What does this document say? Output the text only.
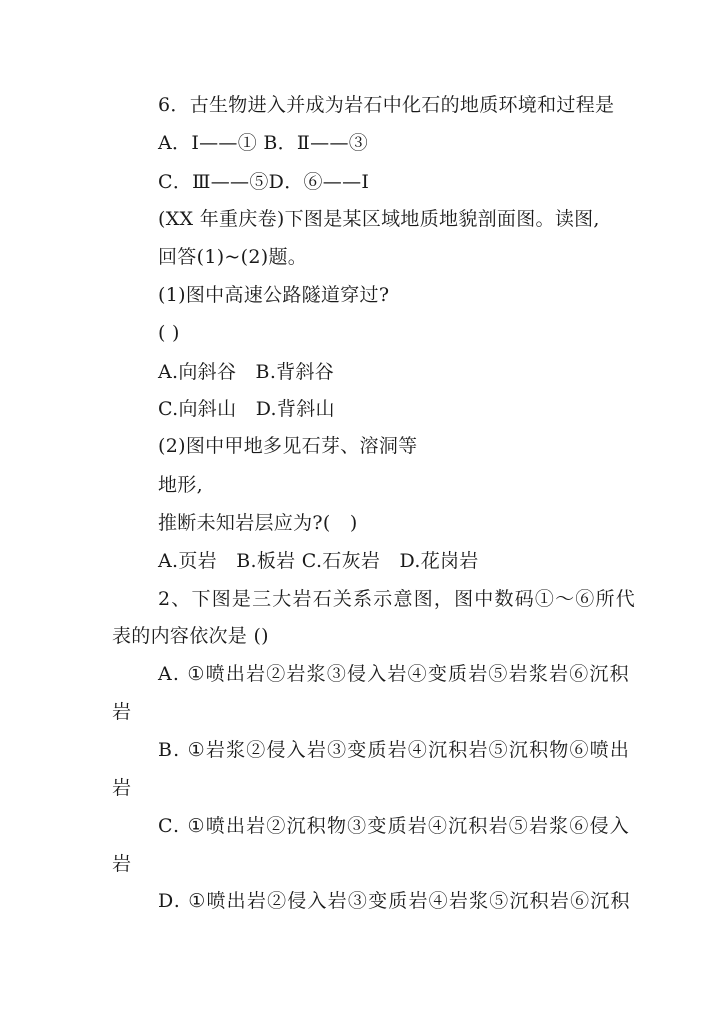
6．古生物进入并成为岩石中化石的地质环境和过程是
A．Ⅰ——① B．Ⅱ——③
C．Ⅲ——⑤D．⑥——Ⅰ
(XX 年重庆卷)下图是某区域地质地貌剖面图。读图,
回答(1)~(2)题。
(1)图中高速公路隧道穿过?
( )
A.向斜谷　B.背斜谷
C.向斜山　D.背斜山
(2)图中甲地多见石芽、溶洞等
地形,
推断未知岩层应为?(　)
A.页岩　B.板岩 C.石灰岩　D.花岗岩
2、下图是三大岩石关系示意图，图中数码①～⑥所代
表的内容依次是 ()
A. ①喷出岩②岩浆③侵入岩④变质岩⑤岩浆岩⑥沉积
岩
B. ①岩浆②侵入岩③变质岩④沉积岩⑤沉积物⑥喷出
岩
C. ①喷出岩②沉积物③变质岩④沉积岩⑤岩浆⑥侵入
岩
D. ①喷出岩②侵入岩③变质岩④岩浆⑤沉积岩⑥沉积
